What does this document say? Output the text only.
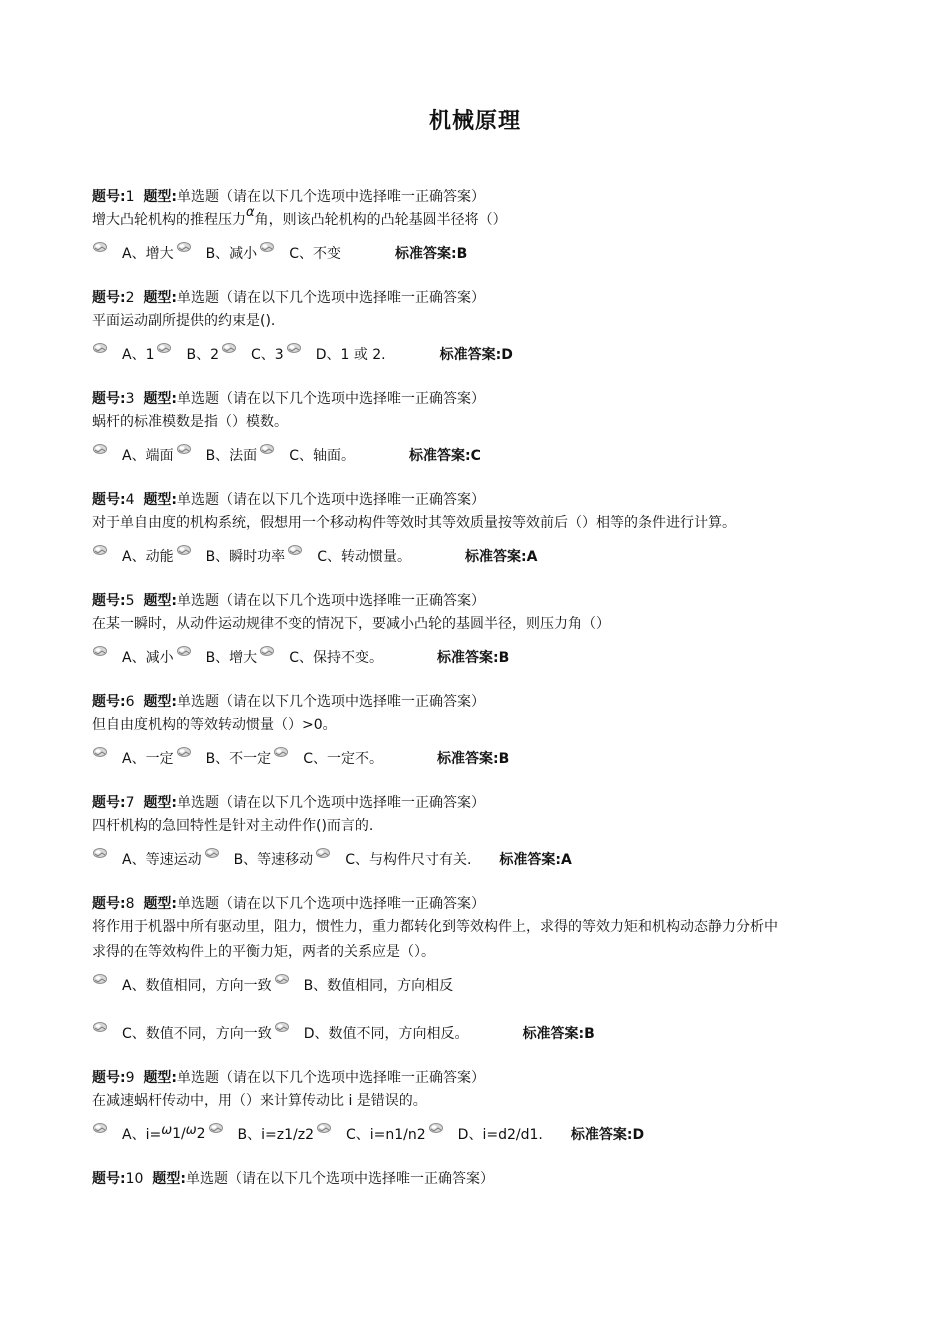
机械原理
题号:1 题型:单选题（请在以下几个选项中选择唯一正确答案）
增大凸轮机构的推程压力α角，则该凸轮机构的凸轮基圆半径将（）
A、增大 B、减小 C、不变	标准答案:B
题号:2 题型:单选题（请在以下几个选项中选择唯一正确答案）
平面运动副所提供的约束是().
A、1 B、2 C、3 D、1 或 2.	标准答案:D
题号:3 题型:单选题（请在以下几个选项中选择唯一正确答案）
蜗杆的标准模数是指（）模数。
A、端面 B、法面 C、轴面。	标准答案:C
题号:4 题型:单选题（请在以下几个选项中选择唯一正确答案）
对于单自由度的机构系统，假想用一个移动构件等效时其等效质量按等效前后（）相等的条件进行计算。
A、动能 B、瞬时功率 C、转动惯量。	标准答案:A
题号:5 题型:单选题（请在以下几个选项中选择唯一正确答案）
在某一瞬时，从动件运动规律不变的情况下，要减小凸轮的基圆半径，则压力角（）
A、减小 B、增大 C、保持不变。	标准答案:B
题号:6 题型:单选题（请在以下几个选项中选择唯一正确答案）
但自由度机构的等效转动惯量（）>0。
A、一定 B、不一定 C、一定不。	标准答案:B
题号:7 题型:单选题（请在以下几个选项中选择唯一正确答案）
四杆机构的急回特性是针对主动件作()而言的.
A、等速运动 B、等速移动 C、与构件尺寸有关. 标准答案:A
题号:8 题型:单选题（请在以下几个选项中选择唯一正确答案）
将作用于机器中所有驱动里，阻力，惯性力，重力都转化到等效构件上，求得的等效力矩和机构动态静力分析中
求得的在等效构件上的平衡力矩，两者的关系应是（）。
A、数值相同，方向一致 B、数值相同，方向相反
C、数值不同，方向一致 D、数值不同，方向相反。	标准答案:B
题号:9 题型:单选题（请在以下几个选项中选择唯一正确答案）
在减速蜗杆传动中，用（）来计算传动比 i 是错误的。
A、i= ω 1/ ω 2 B、i=z1/z2 C、i=n1/n2 D、i=d2/d1. 标准答案:D
题号:10 题型:单选题（请在以下几个选项中选择唯一正确答案）
